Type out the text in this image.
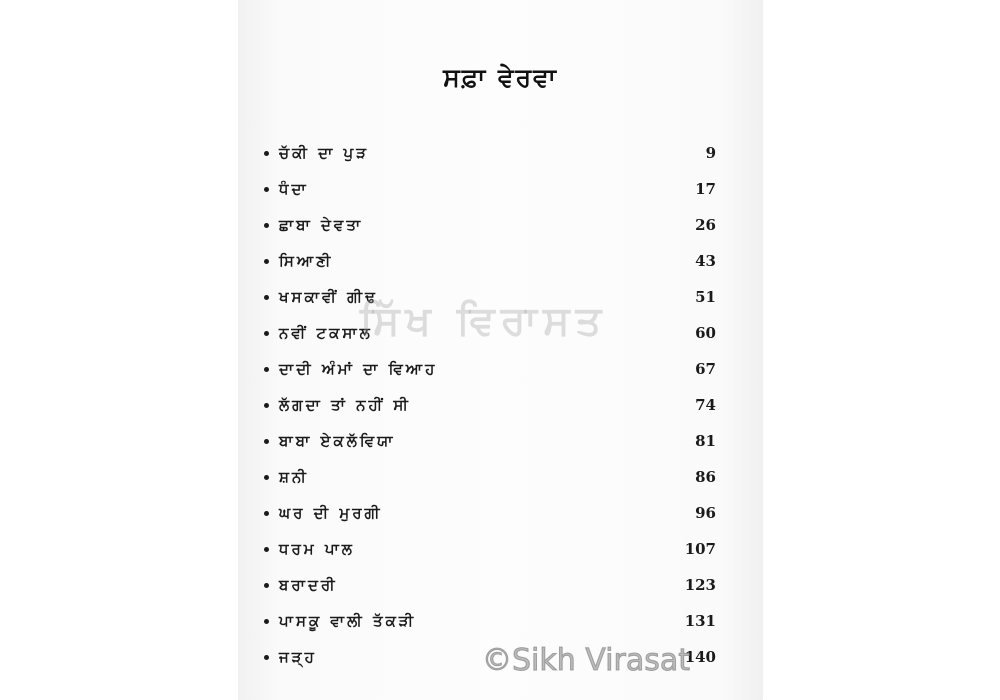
ਸਫ਼ਾ ਵੇਰਵਾ
ਚੱਕੀ ਦਾ ਪੁੜ	9
ਧੰਦਾ	17
ਛਾਬਾ ਦੇਵਤਾ	26
ਸਿਆਣੀ	43
ਖਸਕਾਵੀਂ ਗੀਢ	51
ਨਵੀਂ ਟਕਸਾਲ	60
ਦਾਦੀ ਅੰਮਾਂ ਦਾ ਵਿਆਹ	67
ਲੱਗਦਾ ਤਾਂ ਨਹੀਂ ਸੀ	74
ਬਾਬਾ ਏਕਲੱਵਿਯਾ	81
ਸ਼ਨੀ	86
ਘਰ ਦੀ ਮੁਰਗੀ	96
ਧਰਮ ਪਾਲ	107
ਬਰਾਦਰੀ	123
ਪਾਸਕੂ ਵਾਲੀ ਤੱਕੜੀ	131
ਜੜ੍ਹ	140
ਸਿੱਖ ਵਿਰਾਸਤ
©Sikh Virasat
